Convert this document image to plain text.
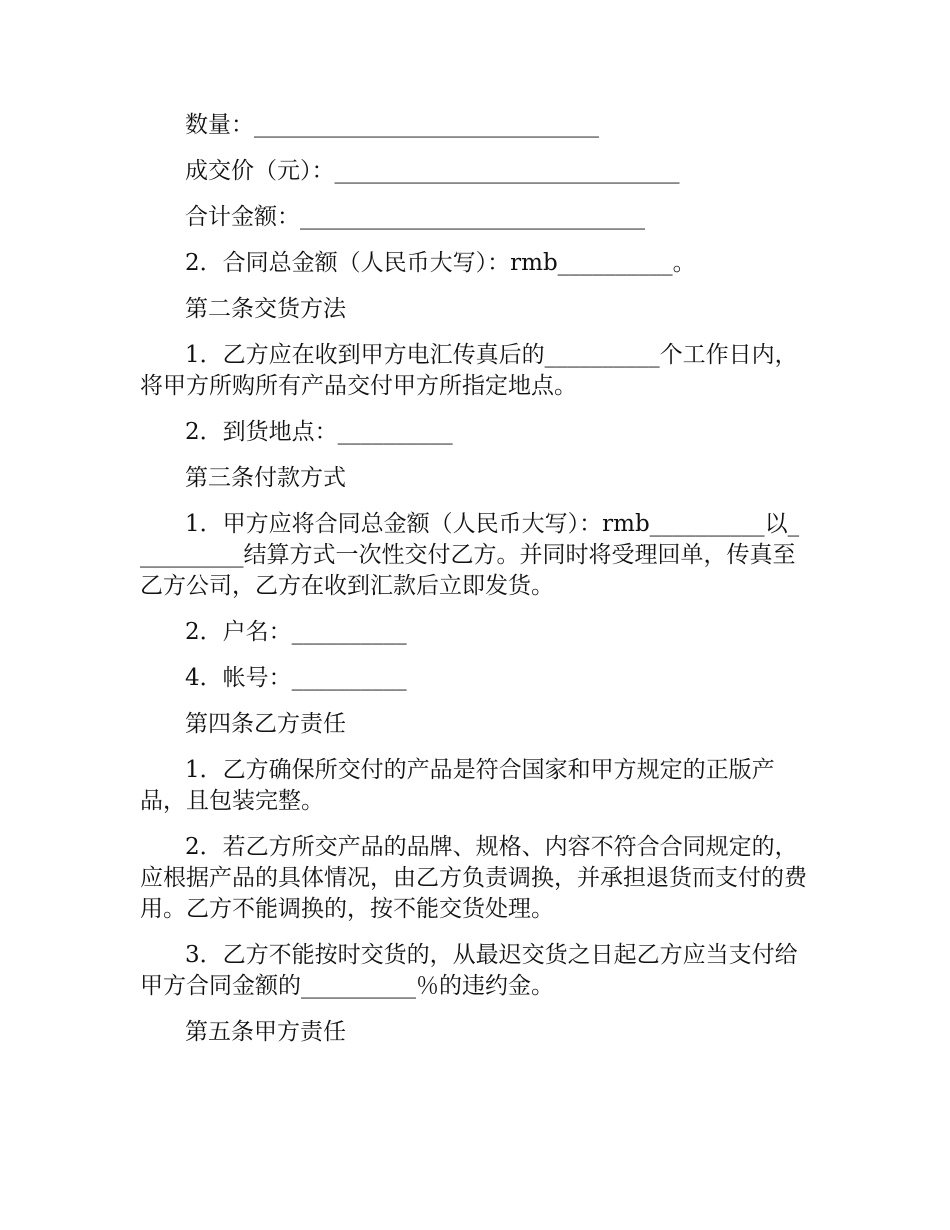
数量：______________________________

成交价（元）：______________________________

合计金额：______________________________

2．合同总金额（人民币大写）：rmb__________。

第二条交货方法

1．乙方应在收到甲方电汇传真后的__________个工作日内，将甲方所购所有产品交付甲方所指定地点。

2．到货地点：__________

第三条付款方式

1．甲方应将合同总金额（人民币大写）：rmb__________以__________结算方式一次性交付乙方。并同时将受理回单，传真至乙方公司，乙方在收到汇款后立即发货。

2．户名：__________

4．帐号：__________

第四条乙方责任

1．乙方确保所交付的产品是符合国家和甲方规定的正版产品，且包装完整。

2．若乙方所交产品的品牌、规格、内容不符合合同规定的，应根据产品的具体情况，由乙方负责调换，并承担退货而支付的费用。乙方不能调换的，按不能交货处理。

3．乙方不能按时交货的，从最迟交货之日起乙方应当支付给甲方合同金额的__________％的违约金。

第五条甲方责任
